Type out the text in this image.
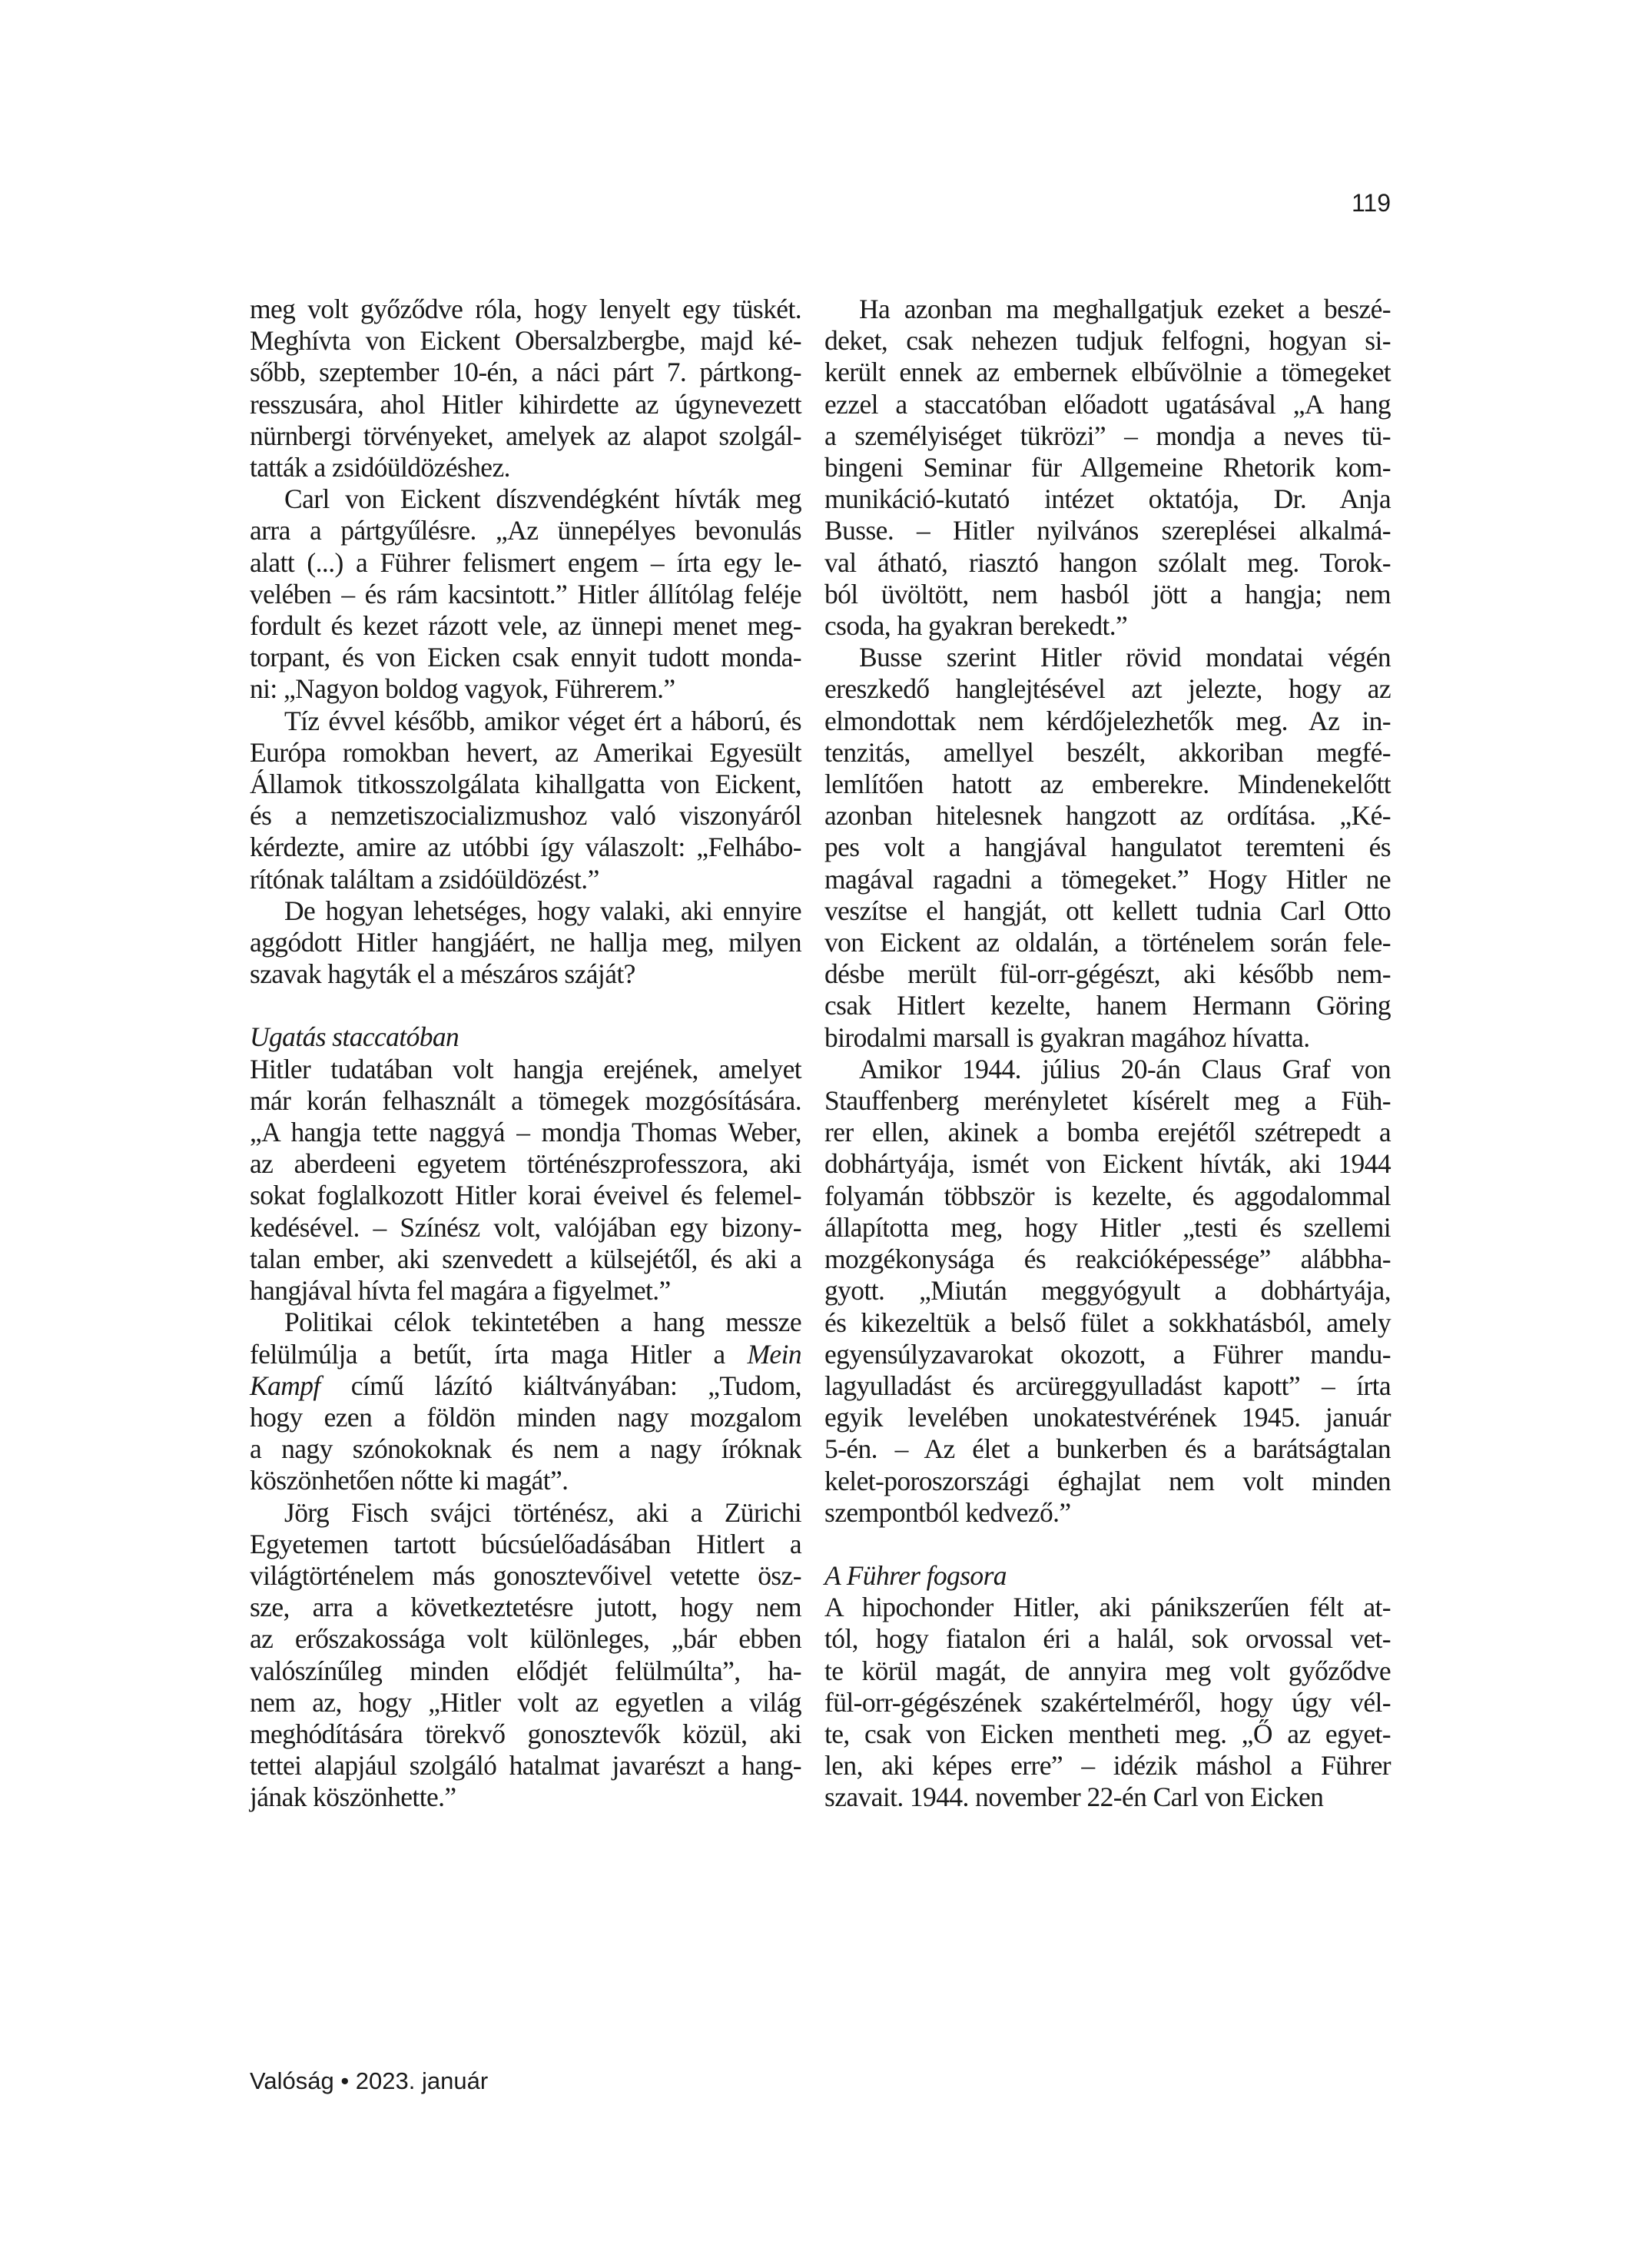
119

meg volt győződve róla, hogy lenyelt egy tüskét.
Meghívta von Eickent Obersalzbergbe, majd ké-
sőbb, szeptember 10-én, a náci párt 7. pártkong-
resszusára, ahol Hitler kihirdette az úgynevezett
nürnbergi törvényeket, amelyek az alapot szolgál-
tatták a zsidóüldözéshez.

Carl von Eickent díszvendégként hívták meg
arra a pártgyűlésre. „Az ünnepélyes bevonulás
alatt (...) a Führer felismert engem – írta egy le-
velében – és rám kacsintott.” Hitler állítólag feléje
fordult és kezet rázott vele, az ünnepi menet meg-
torpant, és von Eicken csak ennyit tudott monda-
ni: „Nagyon boldog vagyok, Führerem.”

Tíz évvel később, amikor véget ért a háború, és
Európa romokban hevert, az Amerikai Egyesült
Államok titkosszolgálata kihallgatta von Eickent,
és a nemzetiszocializmushoz való viszonyáról
kérdezte, amire az utóbbi így válaszolt: „Felhábo-
rítónak találtam a zsidóüldözést.”

De hogyan lehetséges, hogy valaki, aki ennyire
aggódott Hitler hangjáért, ne hallja meg, milyen
szavak hagyták el a mészáros száját?

Ugatás staccatóban

Hitler tudatában volt hangja erejének, amelyet
már korán felhasznált a tömegek mozgósítására.
„A hangja tette naggyá – mondja Thomas Weber,
az aberdeeni egyetem történészprofesszora, aki
sokat foglalkozott Hitler korai éveivel és felemel-
kedésével. – Színész volt, valójában egy bizony-
talan ember, aki szenvedett a külsejétől, és aki a
hangjával hívta fel magára a figyelmet.”

Politikai célok tekintetében a hang messze
felülmúlja a betűt, írta maga Hitler a Mein
Kampf című lázító kiáltványában: „Tudom,
hogy ezen a földön minden nagy mozgalom
a nagy szónokoknak és nem a nagy íróknak
köszönhetően nőtte ki magát”.

Jörg Fisch svájci történész, aki a Zürichi
Egyetemen tartott búcsúelőadásában Hitlert a
világtörténelem más gonosztevőivel vetette ösz-
sze, arra a következtetésre jutott, hogy nem
az erőszakossága volt különleges, „bár ebben
valószínűleg minden elődjét felülmúlta”, ha-
nem az, hogy „Hitler volt az egyetlen a világ
meghódítására törekvő gonosztevők közül, aki
tettei alapjául szolgáló hatalmat javarészt a hang-
jának köszönhette.”

Ha azonban ma meghallgatjuk ezeket a beszé-
deket, csak nehezen tudjuk felfogni, hogyan si-
került ennek az embernek elbűvölnie a tömegeket
ezzel a staccatóban előadott ugatásával „A hang
a személyiséget tükrözi” – mondja a neves tü-
bingeni Seminar für Allgemeine Rhetorik kom-
munikáció-kutató intézet oktatója, Dr. Anja
Busse. – Hitler nyilvános szereplései alkalmá-
val átható, riasztó hangon szólalt meg. Torok-
ból üvöltött, nem hasból jött a hangja; nem
csoda, ha gyakran berekedt.”

Busse szerint Hitler rövid mondatai végén
ereszkedő hanglejtésével azt jelezte, hogy az
elmondottak nem kérdőjelezhetők meg. Az in-
tenzitás, amellyel beszélt, akkoriban megfé-
lemlítően hatott az emberekre. Mindenekelőtt
azonban hitelesnek hangzott az ordítása. „Ké-
pes volt a hangjával hangulatot teremteni és
magával ragadni a tömegeket.” Hogy Hitler ne
veszítse el hangját, ott kellett tudnia Carl Otto
von Eickent az oldalán, a történelem során fele-
désbe merült fül-orr-gégészt, aki később nem-
csak Hitlert kezelte, hanem Hermann Göring
birodalmi marsall is gyakran magához hívatta.

Amikor 1944. július 20-án Claus Graf von
Stauffenberg merényletet kísérelt meg a Füh-
rer ellen, akinek a bomba erejétől szétrepedt a
dobhártyája, ismét von Eickent hívták, aki 1944
folyamán többször is kezelte, és aggodalommal
állapította meg, hogy Hitler „testi és szellemi
mozgékonysága és reakcióképessége” alábbha-
gyott. „Miután meggyógyult a dobhártyája,
és kikezeltük a belső fület a sokkhatásból, amely
egyensúlyzavarokat okozott, a Führer mandu-
lagyulladást és arcüreggyulladást kapott” – írta
egyik levelében unokatestvérének 1945. január
5-én. – Az élet a bunkerben és a barátságtalan
kelet-poroszországi éghajlat nem volt minden
szempontból kedvező.”

A Führer fogsora

A hipochonder Hitler, aki pánikszerűen félt at-
tól, hogy fiatalon éri a halál, sok orvossal vet-
te körül magát, de annyira meg volt győződve
fül-orr-gégészének szakértelméről, hogy úgy vél-
te, csak von Eicken mentheti meg. „Ő az egyet-
len, aki képes erre” – idézik máshol a Führer
szavait. 1944. november 22-én Carl von Eicken

Valóság • 2023. január
